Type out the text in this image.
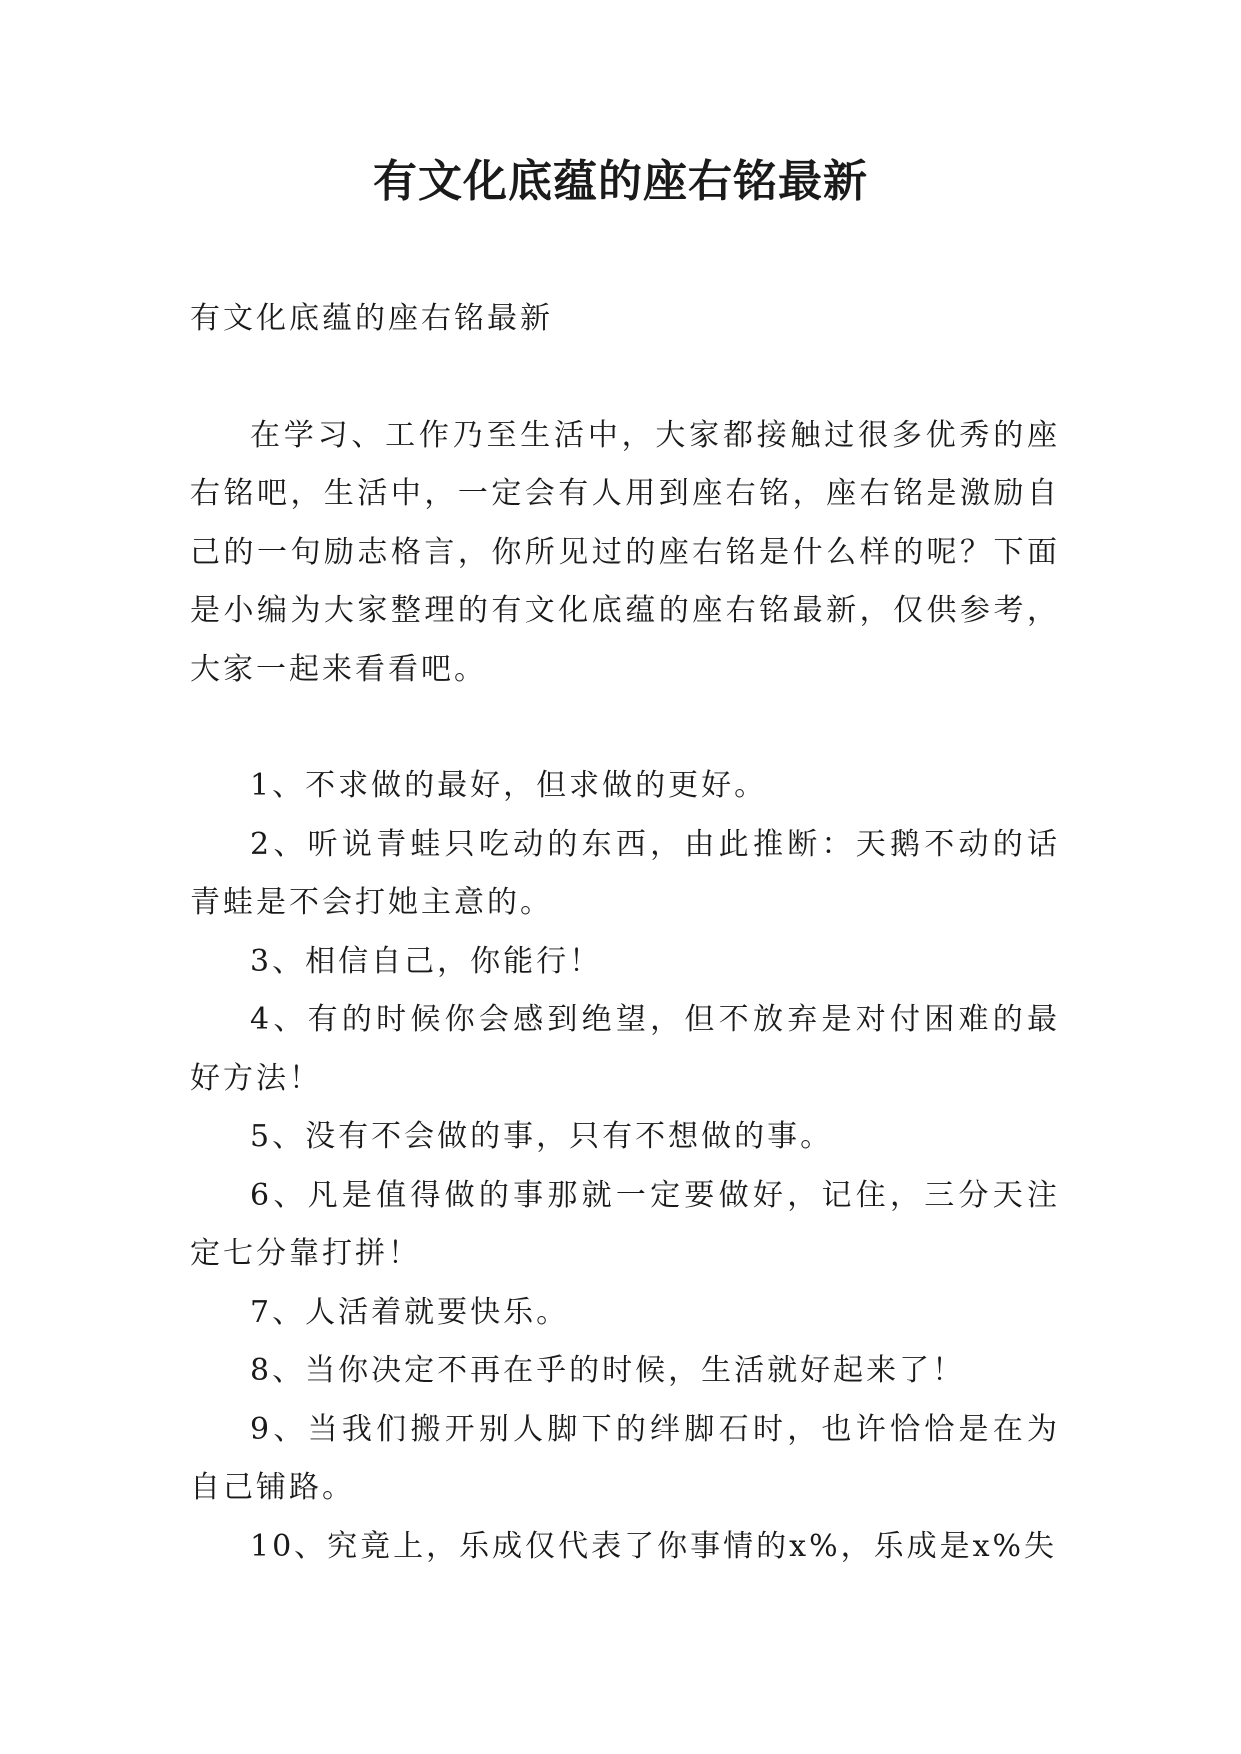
有文化底蕴的座右铭最新

有文化底蕴的座右铭最新

在学习、工作乃至生活中，大家都接触过很多优秀的座右铭吧，生活中，一定会有人用到座右铭，座右铭是激励自己的一句励志格言，你所见过的座右铭是什么样的呢？下面是小编为大家整理的有文化底蕴的座右铭最新，仅供参考，大家一起来看看吧。

1、不求做的最好，但求做的更好。

2、听说青蛙只吃动的东西，由此推断：天鹅不动的话青蛙是不会打她主意的。

3、相信自己，你能行！

4、有的时候你会感到绝望，但不放弃是对付困难的最好方法！

5、没有不会做的事，只有不想做的事。

6、凡是值得做的事那就一定要做好，记住，三分天注定七分靠打拼！

7、人活着就要快乐。

8、当你决定不再在乎的时候，生活就好起来了！

9、当我们搬开别人脚下的绊脚石时，也许恰恰是在为自己铺路。

10、究竟上，乐成仅代表了你事情的x%，乐成是x%失
